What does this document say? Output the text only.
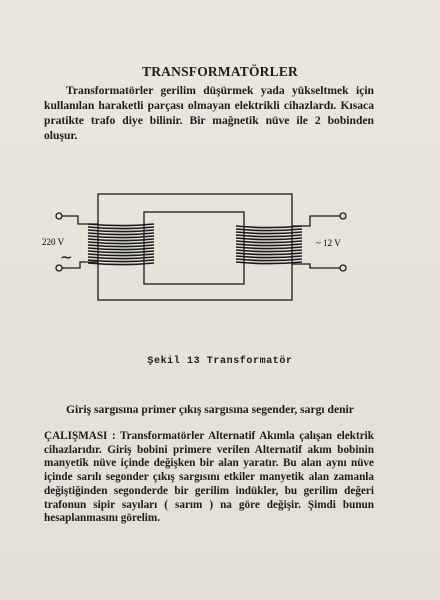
TRANSFORMATÖRLER

Transformatörler gerilim düşürmek yada yükseltmek için kullanılan haraketli parçası olmayan elektrikli cihazlardı. Kısaca pratikte trafo diye bilinir. Bir mağnetik nüve ile 2 bobinden oluşur.

220 V
~
~ 12 V
Şekil 13 Transformatör

Giriş sargısına primer çıkış sargısına segender, sargı denir

ÇALIŞMASI : Transformatörler Alternatif Akımla çalışan elektrik cihazlarıdır. Giriş bobini primere verilen Alternatif akım bobinin manyetik nüve içinde değişken bir alan yaratır. Bu alan aynı nüve içinde sarılı segonder çıkış sargısını etkiler manyetik alan zamanla değiştiğinden segonderde bir gerilim indükler, bu gerilim değeri trafonun sipir sayıları ( sarım ) na göre değişir. Şimdi bunun hesaplanmasını görelim.
